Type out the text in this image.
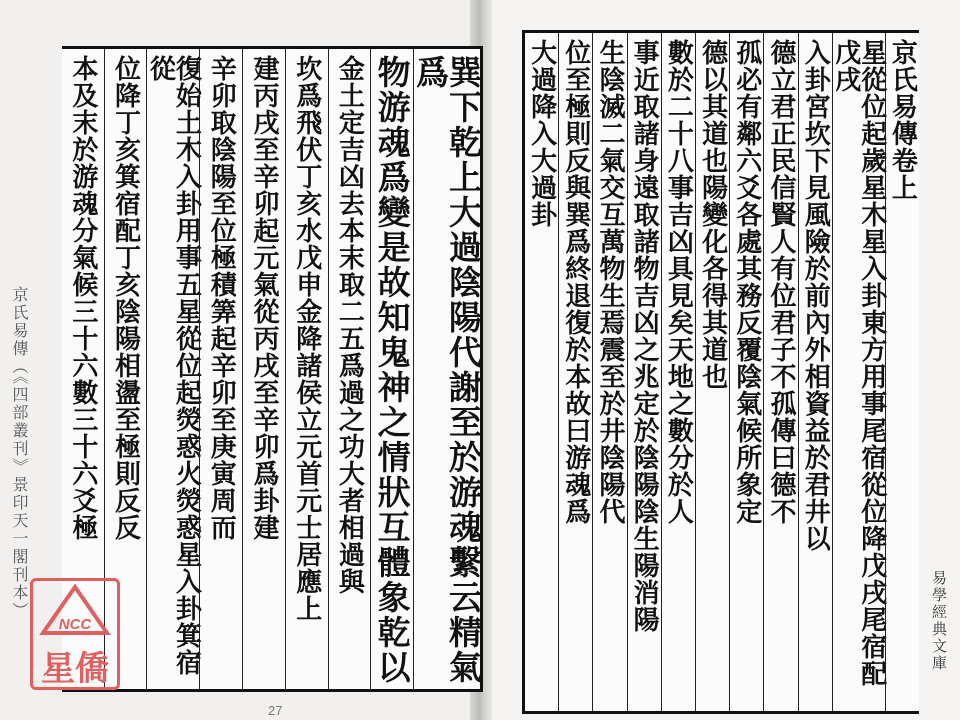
京氏易傳（《四部叢刊》景印天一閣刊本）	巽下乾上大過陰陽代謝至於游魂繫云精氣爲
物游魂爲變是故知鬼神之情狀互體象乾以
金土定吉凶去本末取二五爲過之功大者相過與
坎爲飛伏丁亥水戊申金降諸侯立元首元士居應上
建丙戌至辛卯起元氣從丙戌至辛卯爲卦建
辛卯取陰陽至位極積筭起辛卯至庚寅周而
復始土木入卦用事五星從位起熒惑火熒惑星入卦箕宿從
位降丁亥箕宿配丁亥陰陽相盪至極則反反
本及末於游魂分氣候三十六數三十六爻極	京氏易傳卷上
星從位起歲星木星入卦東方用事尾宿從位降戊戌尾宿配戊戌
入卦宮坎下見風險於前內外相資益於君井以
德立君正民信賢人有位君子不孤傳曰德不
孤必有鄰六爻各處其務反覆陰氣候所象定
德以其道也陽變化各得其道也
數於二十八事吉凶具見矣天地之數分於人
事近取諸身遠取諸物吉凶之兆定於陰陽陰生陽消陽
生陰滅二氣交互萬物生焉震至於井陰陽代
位至極則反與巽爲終退復於本故曰游魂爲
大過降入大過卦
易學經典文庫
27
NCC
星僑
